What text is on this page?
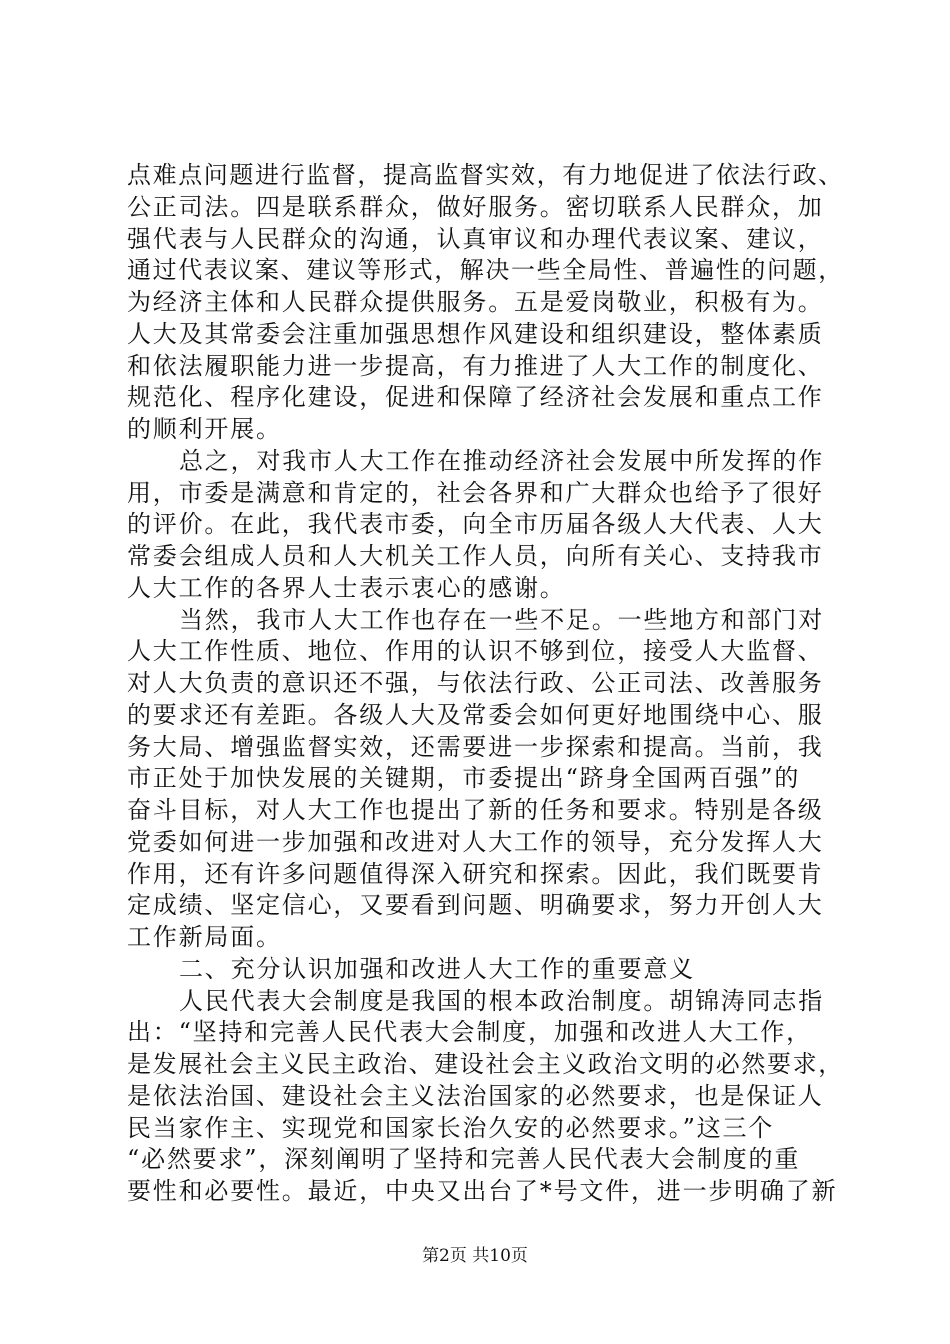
点难点问题进行监督，提高监督实效，有力地促进了依法行政、
公正司法。四是联系群众，做好服务。密切联系人民群众，加
强代表与人民群众的沟通，认真审议和办理代表议案、建议，
通过代表议案、建议等形式，解决一些全局性、普遍性的问题，
为经济主体和人民群众提供服务。五是爱岗敬业，积极有为。
人大及其常委会注重加强思想作风建设和组织建设，整体素质
和依法履职能力进一步提高，有力推进了人大工作的制度化、
规范化、程序化建设，促进和保障了经济社会发展和重点工作
的顺利开展。
总之，对我市人大工作在推动经济社会发展中所发挥的作
用，市委是满意和肯定的，社会各界和广大群众也给予了很好
的评价。在此，我代表市委，向全市历届各级人大代表、人大
常委会组成人员和人大机关工作人员，向所有关心、支持我市
人大工作的各界人士表示衷心的感谢。
当然，我市人大工作也存在一些不足。一些地方和部门对
人大工作性质、地位、作用的认识不够到位，接受人大监督、
对人大负责的意识还不强，与依法行政、公正司法、改善服务
的要求还有差距。各级人大及常委会如何更好地围绕中心、服
务大局、增强监督实效，还需要进一步探索和提高。当前，我
市正处于加快发展的关键期，市委提出“跻身全国两百强”的
奋斗目标，对人大工作也提出了新的任务和要求。特别是各级
党委如何进一步加强和改进对人大工作的领导，充分发挥人大
作用，还有许多问题值得深入研究和探索。因此，我们既要肯
定成绩、坚定信心，又要看到问题、明确要求，努力开创人大
工作新局面。
二、充分认识加强和改进人大工作的重要意义
人民代表大会制度是我国的根本政治制度。胡锦涛同志指
出：“坚持和完善人民代表大会制度，加强和改进人大工作，
是发展社会主义民主政治、建设社会主义政治文明的必然要求，
是依法治国、建设社会主义法治国家的必然要求，也是保证人
民当家作主、实现党和国家长治久安的必然要求。”这三个
“必然要求”，深刻阐明了坚持和完善人民代表大会制度的重
要性和必要性。最近，中央又出台了*号文件，进一步明确了新
第2页 共10页
